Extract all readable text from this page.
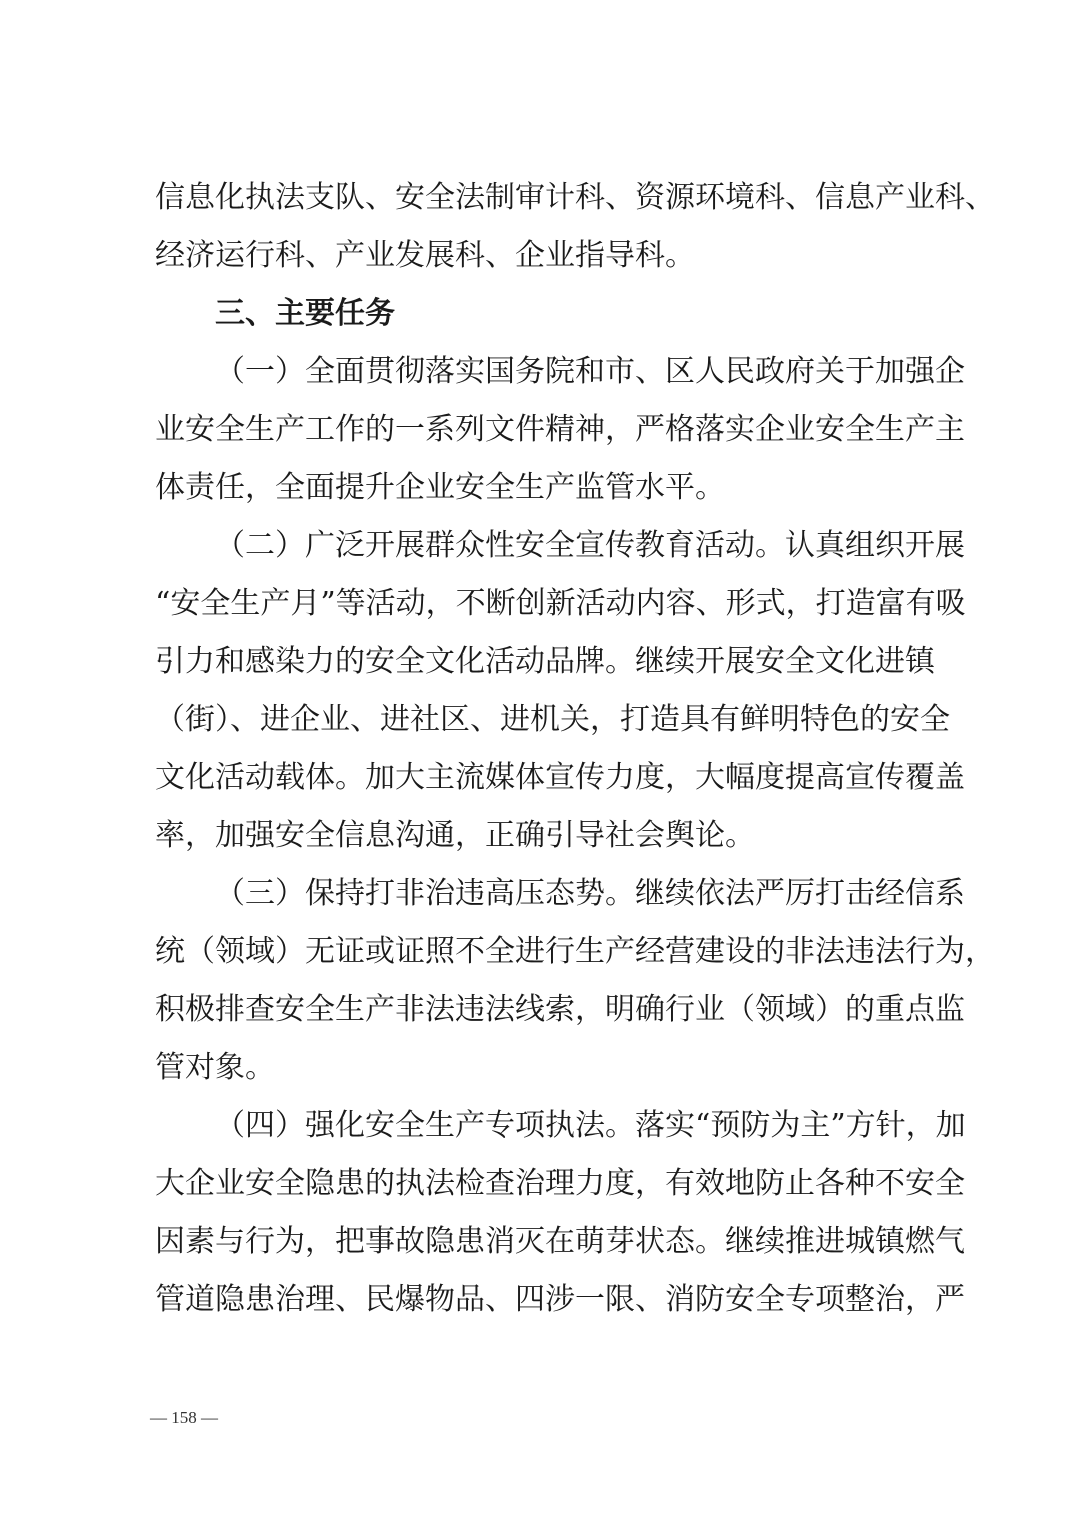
信息化执法支队、安全法制审计科、资源环境科、信息产业科、
经济运行科、产业发展科、企业指导科。
三、主要任务
（一）全面贯彻落实国务院和市、区人民政府关于加强企
业安全生产工作的一系列文件精神，严格落实企业安全生产主
体责任，全面提升企业安全生产监管水平。
（二）广泛开展群众性安全宣传教育活动。认真组织开展
“安全生产月”等活动，不断创新活动内容、形式，打造富有吸
引力和感染力的安全文化活动品牌。继续开展安全文化进镇
（街）、进企业、进社区、进机关，打造具有鲜明特色的安全
文化活动载体。加大主流媒体宣传力度，大幅度提高宣传覆盖
率，加强安全信息沟通，正确引导社会舆论。
（三）保持打非治违高压态势。继续依法严厉打击经信系
统（领域）无证或证照不全进行生产经营建设的非法违法行为，
积极排查安全生产非法违法线索，明确行业（领域）的重点监
管对象。
（四）强化安全生产专项执法。落实“预防为主”方针，加
大企业安全隐患的执法检查治理力度，有效地防止各种不安全
因素与行为，把事故隐患消灭在萌芽状态。继续推进城镇燃气
管道隐患治理、民爆物品、四涉一限、消防安全专项整治，严
— 158 —
